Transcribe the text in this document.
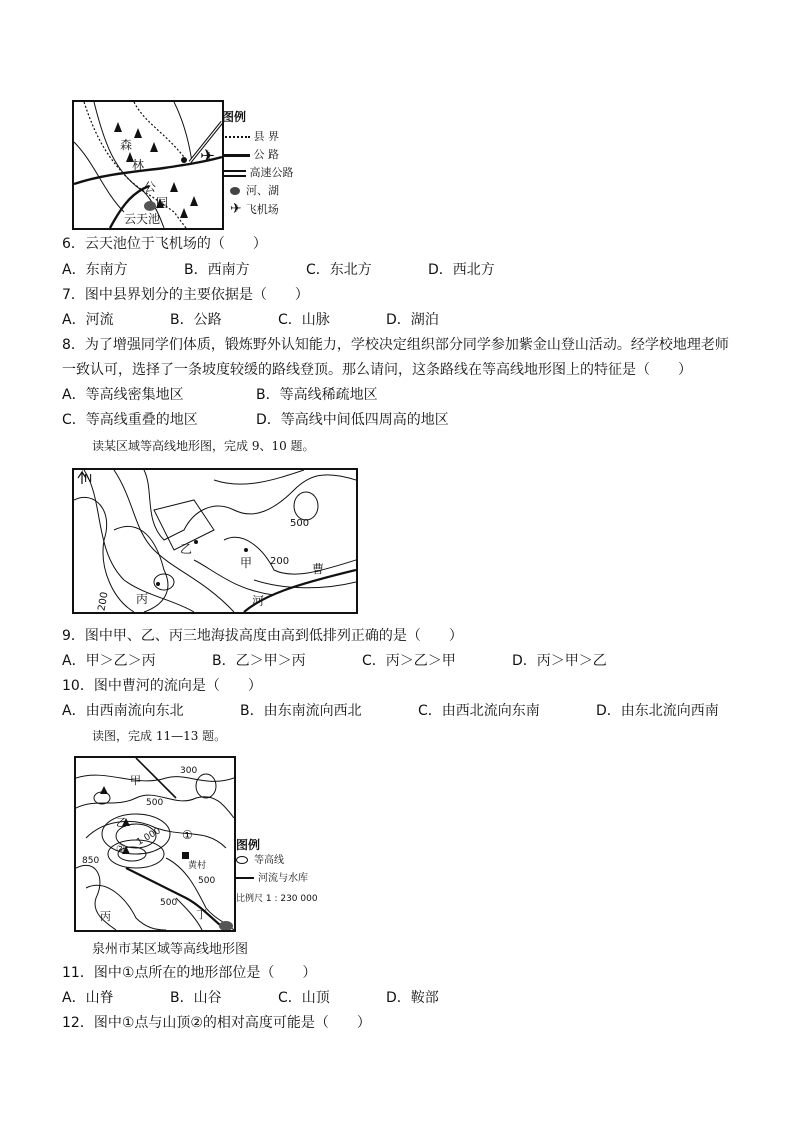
森
林
公
园
云天池
✈
图例
县 界
公 路
高速公路
河、湖
✈ 飞机场
6．云天池位于飞机场的（　　）
A．东南方	B．西南方	C．东北方	D．西北方
7．图中县界划分的主要依据是（　　）
A．河流	B．公路	C．山脉	D．湖泊
8．为了增强同学们体质，锻炼野外认知能力，学校决定组织部分同学参加紫金山登山活动。经学校地理老师
一致认可，选择了一条坡度较缓的路线登顶。那么请问，这条路线在等高线地形图上的特征是（　　）
A．等高线密集地区	B．等高线稀疏地区
C．等高线重叠的地区	D．等高线中间低四周高的地区
读某区域等高线地形图，完成 9、10 题。
N
乙
甲
丙
200
200
500
曹
河
9．图中甲、乙、丙三地海拔高度由高到低排列正确的是（　　）
A．甲＞乙＞丙	B．乙＞甲＞丙	C．丙＞乙＞甲	D．丙＞甲＞乙
10．图中曹河的流向是（　　）
A．由西南流向东北	B．由东南流向西北	C．由西北流向东南	D．由东北流向西南
读图，完成 11—13 题。
甲
乙
丙	丁
①
②
黄村
300
500
500
500
1 000
850
图例
等高线
河流与水库
比例尺 1 : 230 000
泉州市某区域等高线地形图
11．图中①点所在的地形部位是（　　）
A．山脊	B．山谷	C．山顶	D．鞍部
12．图中①点与山顶②的相对高度可能是（　　）
